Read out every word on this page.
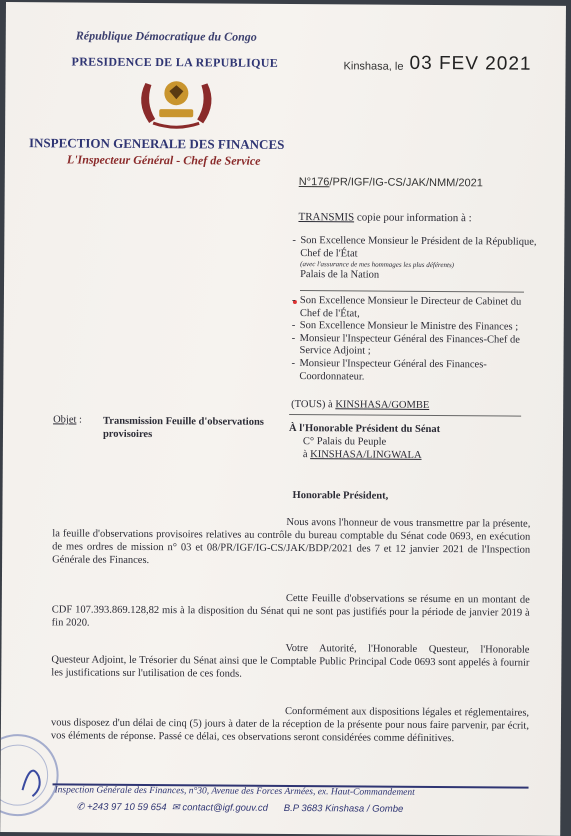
République Démocratique du Congo
PRESIDENCE DE LA REPUBLIQUE	Kinshasa, le 03 FEV 2021
INSPECTION GENERALE DES FINANCES
L'Inspecteur Général - Chef de Service
N°176/PR/IGF/IG-CS/JAK/NMM/2021
TRANSMIS copie pour information à :
- Son Excellence Monsieur le Président de la République, Chef de l'État
(avec l'assurance de mes hommages les plus déférents)
Palais de la Nation
- Son Excellence Monsieur le Directeur de Cabinet du Chef de l'État,
- Son Excellence Monsieur le Ministre des Finances ;
- Monsieur l'Inspecteur Général des Finances-Chef de Service Adjoint ;
- Monsieur l'Inspecteur Général des Finances-Coordonnateur.
(TOUS) à KINSHASA/GOMBE
Objet : Transmission Feuille d'observations provisoires	À l'Honorable Président du Sénat
C° Palais du Peuple
à KINSHASA/LINGWALA
Honorable Président,

Nous avons l'honneur de vous transmettre par la présente, la feuille d'observations provisoires relatives au contrôle du bureau comptable du Sénat code 0693, en exécution de mes ordres de mission n° 03 et 08/PR/IGF/IG-CS/JAK/BDP/2021 des 7 et 12 janvier 2021 de l'Inspection Générale des Finances.

Cette Feuille d'observations se résume en un montant de CDF 107.393.869.128,82 mis à la disposition du Sénat qui ne sont pas justifiés pour la période de janvier 2019 à fin 2020.

Votre Autorité, l'Honorable Questeur, l'Honorable Questeur Adjoint, le Trésorier du Sénat ainsi que le Comptable Public Principal Code 0693 sont appelés à fournir les justifications sur l'utilisation de ces fonds.

Conformément aux dispositions légales et réglementaires, vous disposez d'un délai de cinq (5) jours à dater de la réception de la présente pour nous faire parvenir, par écrit, vos éléments de réponse. Passé ce délai, ces observations seront considérées comme définitives.

Inspection Générale des Finances, n°30, Avenue des Forces Armées, ex. Haut-Commandement
✆ +243 97 10 59 654 ✉ contact@igf.gouv.cd B.P 3683 Kinshasa / Gombe
